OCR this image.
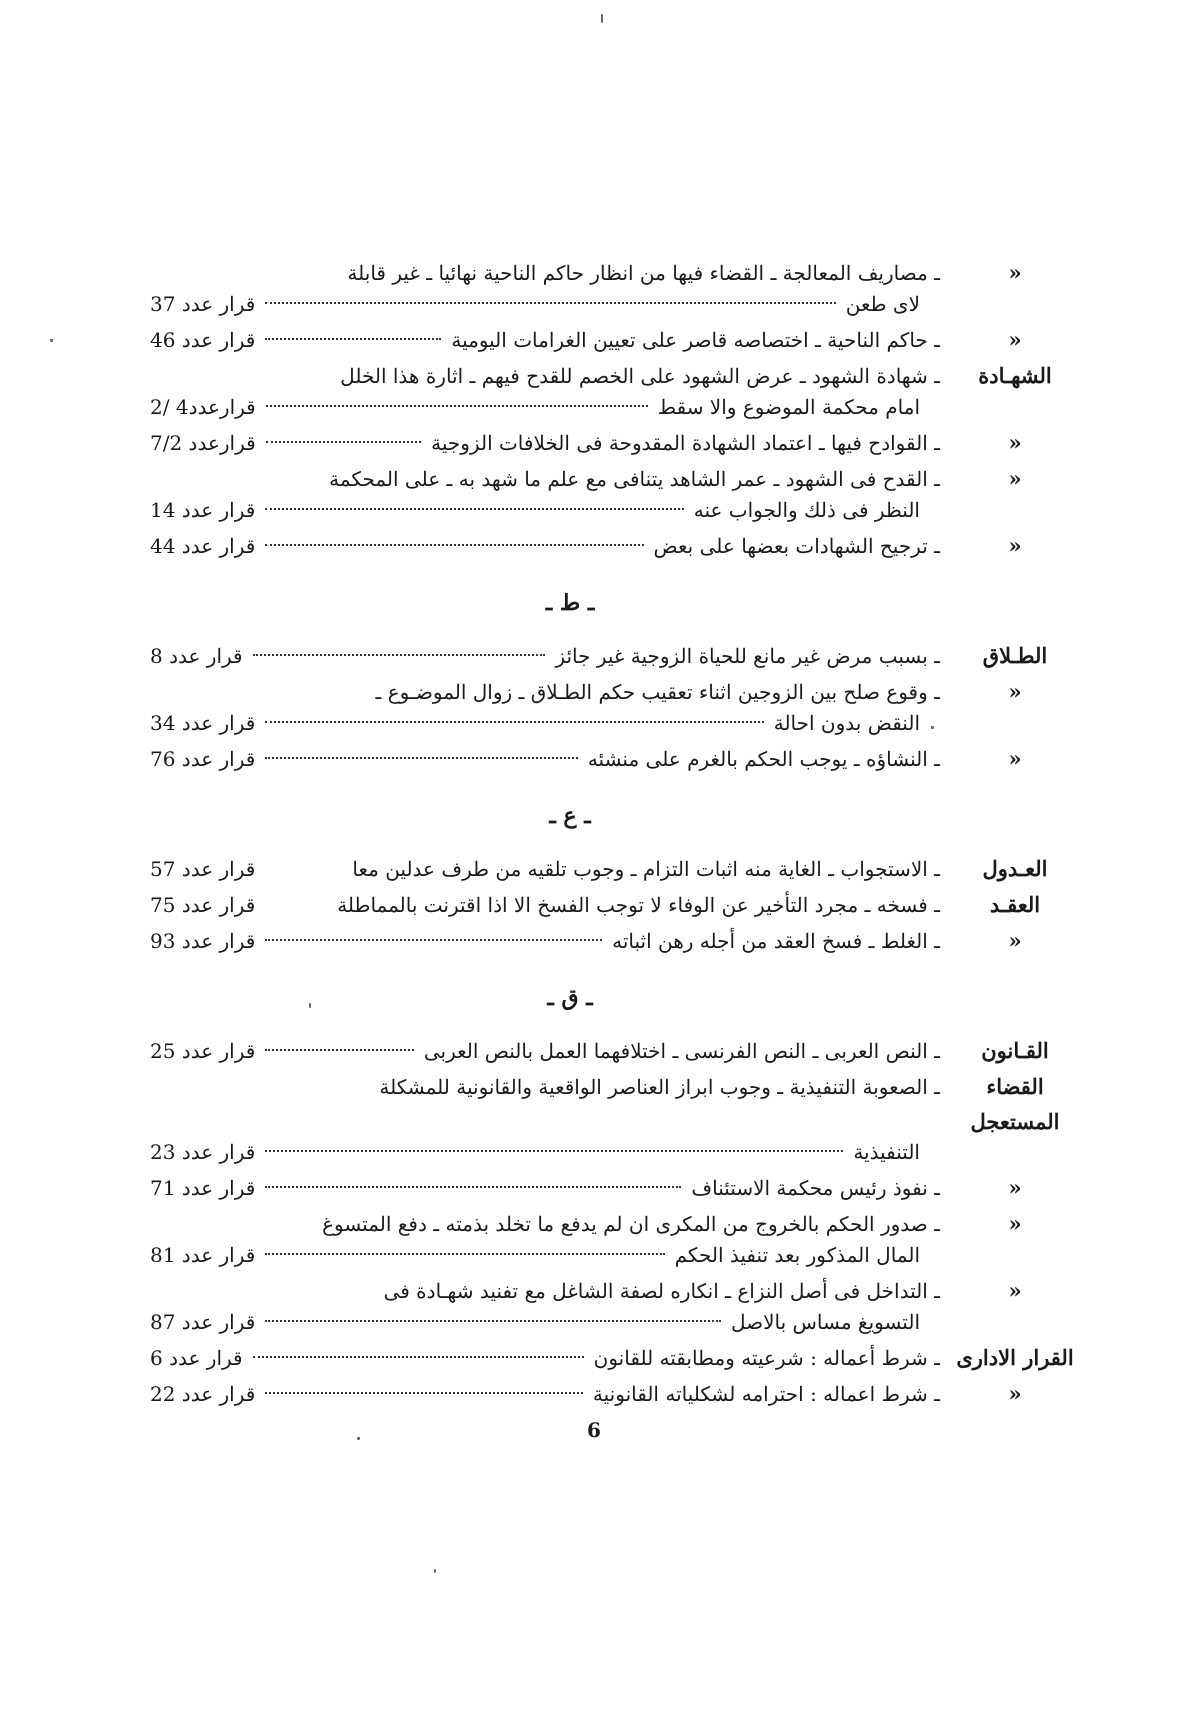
»
ـ مصاريف المعالجة ـ القضاء فيها من انظار حاكم الناحية نهائيا ـ غير قابلة
لاى طعن
قرار عدد 37
»
ـ حاكم الناحية ـ اختصاصه قاصر على تعيين الغرامات اليومية
قرار عدد 46
الشهـادة
ـ شهادة الشهود ـ عرض الشهود على الخصم للقدح فيهم ـ اثارة هذا الخلل
امام محكمة الموضوع والا سقط
قرارعدد4 /2
»
ـ القوادح فيها ـ اعتماد الشهادة المقدوحة فى الخلافات الزوجية
قرارعدد 7/2
»
ـ القدح فى الشهود ـ عمر الشاهد يتنافى مع علم ما شهد به ـ على المحكمة
النظر فى ذلك والجواب عنه
قرار عدد 14
»
ـ ترجيح الشهادات بعضها على بعض
قرار عدد 44
ـ ط ـ
الطـلاق
ـ بسبب مرض غير مانع للحياة الزوجية غير جائز
قرار عدد 8
»
ـ وقوع صلح بين الزوجين اثناء تعقيب حكم الطـلاق ـ زوال الموضـوع ـ
النقض بدون احالة
قرار عدد 34
»
ـ النشاؤه ـ يوجب الحكم بالغرم على منشئه
قرار عدد 76
ـ ع ـ
العـدول
ـ الاستجواب ـ الغاية منه اثبات التزام ـ وجوب تلقيه من طرف عدلين معا
قرار عدد 57
العقـد
ـ فسخه ـ مجرد التأخير عن الوفاء لا توجب الفسخ الا اذا اقترنت بالمماطلة
قرار عدد 75
»
ـ الغلط ـ فسخ العقد من أجله رهن اثباته
قرار عدد 93
ـ ق ـ
القـانون
ـ النص العربى ـ النص الفرنسى ـ اختلافهما العمل بالنص العربى
قرار عدد 25
القضاء المستعجل
ـ الصعوبة التنفيذية ـ وجوب ابراز العناصر الواقعية والقانونية للمشكلة
التنفيذية
قرار عدد 23
»
ـ نفوذ رئيس محكمة الاستئناف
قرار عدد 71
»
ـ صدور الحكم بالخروج من المكرى ان لم يدفع ما تخلد بذمته ـ دفع المتسوغ
المال المذكور بعد تنفيذ الحكم
قرار عدد 81
»
ـ التداخل فى أصل النزاع ـ انكاره لصفة الشاغل مع تفنيد شهـادة فى
التسويغ مساس بالاصل
قرار عدد 87
القرار الادارى
ـ شرط أعماله : شرعيته ومطابقته للقانون
قرار عدد 6
»
ـ شرط اعماله : احترامه لشكلياته القانونية
قرار عدد 22
6
